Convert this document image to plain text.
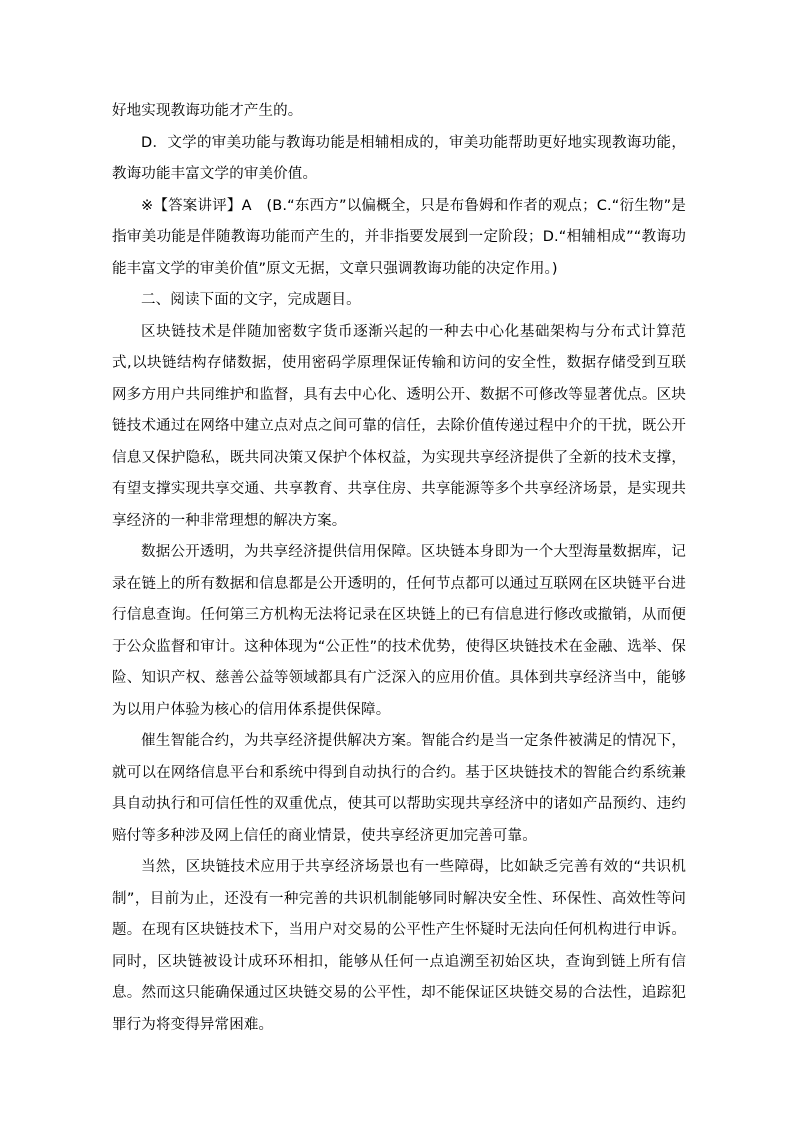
好地实现教诲功能才产生的。

D．文学的审美功能与教诲功能是相辅相成的，审美功能帮助更好地实现教诲功能，教诲功能丰富文学的审美价值。

※【答案讲评】A　(B.“东西方”以偏概全，只是布鲁姆和作者的观点；C.“衍生物”是指审美功能是伴随教诲功能而产生的，并非指要发展到一定阶段；D.“相辅相成”“教诲功能丰富文学的审美价值”原文无据，文章只强调教诲功能的决定作用。)

二、阅读下面的文字，完成题目。

区块链技术是伴随加密数字货币逐渐兴起的一种去中心化基础架构与分布式计算范式,以块链结构存储数据，使用密码学原理保证传输和访问的安全性，数据存储受到互联网多方用户共同维护和监督，具有去中心化、透明公开、数据不可修改等显著优点。区块链技术通过在网络中建立点对点之间可靠的信任，去除价值传递过程中介的干扰，既公开信息又保护隐私，既共同决策又保护个体权益，为实现共享经济提供了全新的技术支撑，有望支撑实现共享交通、共享教育、共享住房、共享能源等多个共享经济场景，是实现共享经济的一种非常理想的解决方案。

数据公开透明，为共享经济提供信用保障。区块链本身即为一个大型海量数据库，记录在链上的所有数据和信息都是公开透明的，任何节点都可以通过互联网在区块链平台进行信息查询。任何第三方机构无法将记录在区块链上的已有信息进行修改或撤销，从而便于公众监督和审计。这种体现为“公正性”的技术优势，使得区块链技术在金融、选举、保险、知识产权、慈善公益等领域都具有广泛深入的应用价值。具体到共享经济当中，能够为以用户体验为核心的信用体系提供保障。

催生智能合约，为共享经济提供解决方案。智能合约是当一定条件被满足的情况下，就可以在网络信息平台和系统中得到自动执行的合约。基于区块链技术的智能合约系统兼具自动执行和可信任性的双重优点，使其可以帮助实现共享经济中的诸如产品预约、违约赔付等多种涉及网上信任的商业情景，使共享经济更加完善可靠。

当然，区块链技术应用于共享经济场景也有一些障碍，比如缺乏完善有效的“共识机制”，目前为止，还没有一种完善的共识机制能够同时解决安全性、环保性、高效性等问题。在现有区块链技术下，当用户对交易的公平性产生怀疑时无法向任何机构进行申诉。同时，区块链被设计成环环相扣，能够从任何一点追溯至初始区块，查询到链上所有信息。然而这只能确保通过区块链交易的公平性，却不能保证区块链交易的合法性，追踪犯罪行为将变得异常困难。
